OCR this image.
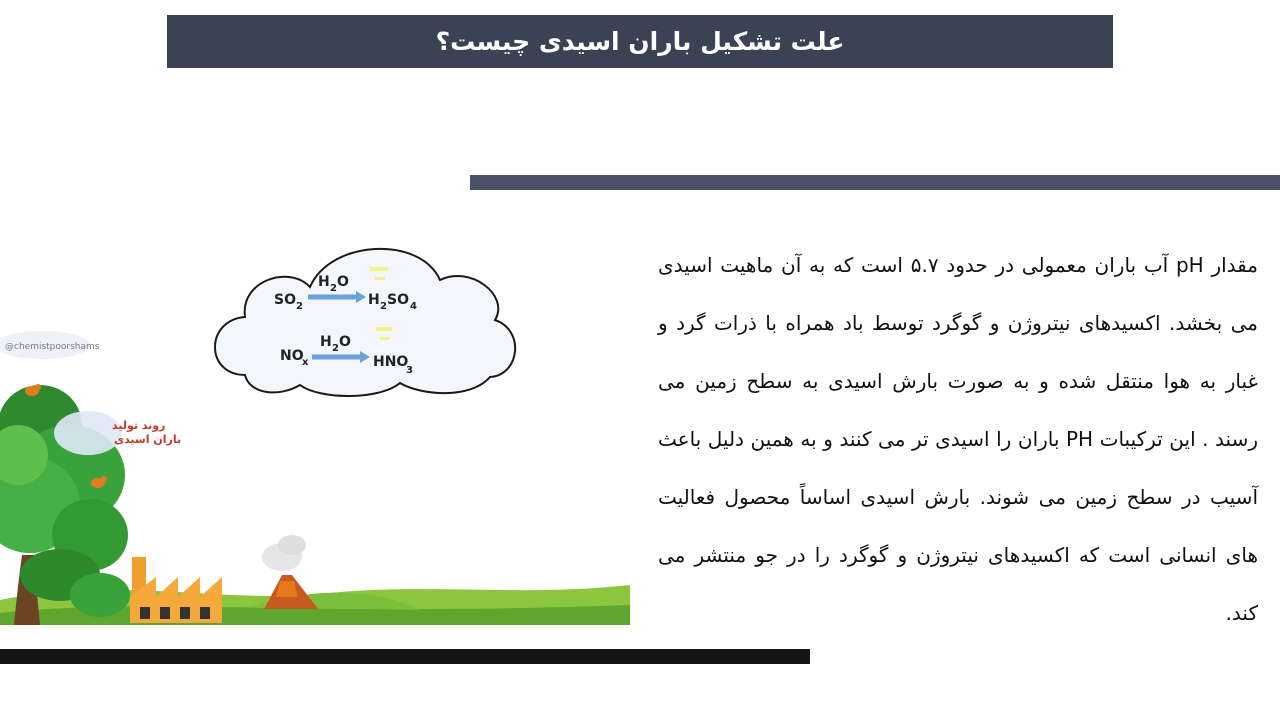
علت تشکیل باران اسیدی چیست؟

مقدار pH آب باران معمولی در حدود ۵.۷ است که به آن ماهیت اسیدی می بخشد. اکسیدهای نیتروژن و گوگرد توسط باد همراه با ذرات گرد و غبار به هوا منتقل شده و به صورت بارش اسیدی به سطح زمین می رسند . این ترکیبات PH باران را اسیدی تر می کنند و به همین دلیل باعث آسیب در سطح زمین می شوند. بارش اسیدی اساساً محصول فعالیت های انسانی است که اکسیدهای نیتروژن و گوگرد را در جو منتشر می کند.

SO 2
H 2 O
H 2 SO 4
NO
x
H 2 O
HNO
3
@chemistpoorshams
روند تولید
باران اسیدی
